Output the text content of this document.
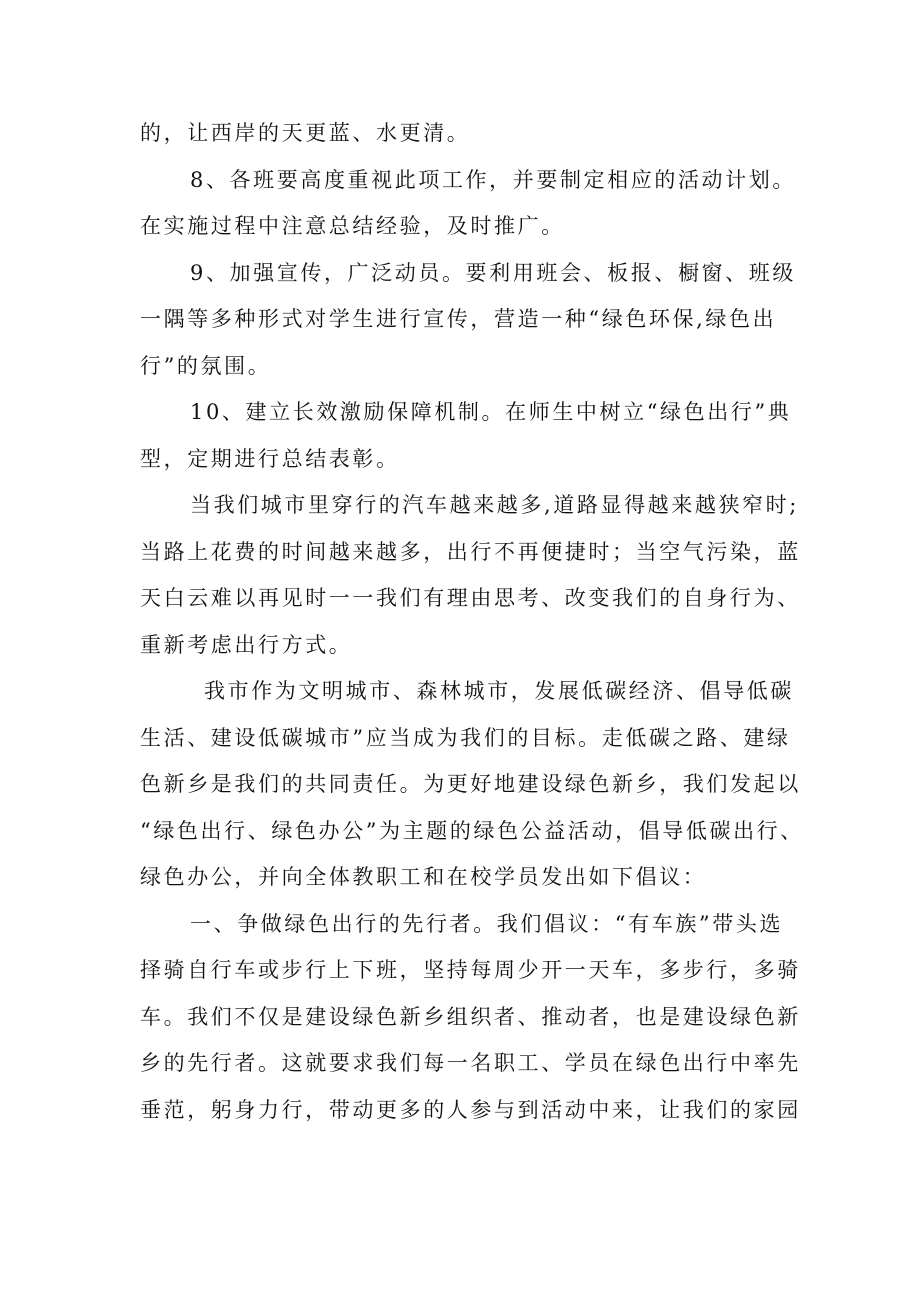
的，让西岸的天更蓝、水更清。
8、各班要高度重视此项工作，并要制定相应的活动计划。
在实施过程中注意总结经验，及时推广。
9、加强宣传，广泛动员。要利用班会、板报、橱窗、班级
一隅等多种形式对学生进行宣传，营造一种“绿色环保,绿色出
行”的氛围。
10、建立长效激励保障机制。在师生中树立“绿色出行”典
型，定期进行总结表彰。
当我们城市里穿行的汽车越来越多,道路显得越来越狭窄时;
当路上花费的时间越来越多，出行不再便捷时；当空气污染，蓝
天白云难以再见时一一我们有理由思考、改变我们的自身行为、
重新考虑出行方式。
我市作为文明城市、森林城市，发展低碳经济、倡导低碳
生活、建设低碳城市”应当成为我们的目标。走低碳之路、建绿
色新乡是我们的共同责任。为更好地建设绿色新乡，我们发起以
“绿色出行、绿色办公”为主题的绿色公益活动，倡导低碳出行、
绿色办公，并向全体教职工和在校学员发出如下倡议：
一、争做绿色出行的先行者。我们倡议：“有车族”带头选
择骑自行车或步行上下班，坚持每周少开一天车，多步行，多骑
车。我们不仅是建设绿色新乡组织者、推动者，也是建设绿色新
乡的先行者。这就要求我们每一名职工、学员在绿色出行中率先
垂范，躬身力行，带动更多的人参与到活动中来，让我们的家园
